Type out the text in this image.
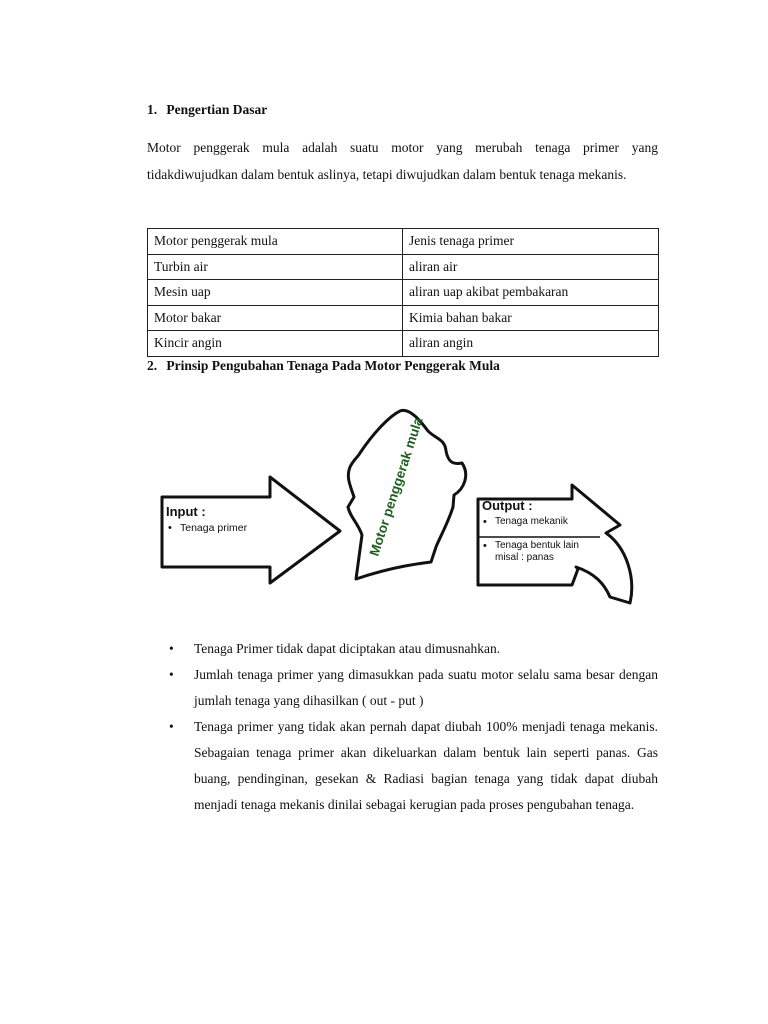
1. Pengertian Dasar

Motor penggerak mula adalah suatu motor yang merubah tenaga primer yang tidakdiwujudkan dalam bentuk aslinya, tetapi diwujudkan dalam bentuk tenaga mekanis.

Motor penggerak mula	Jenis tenaga primer
Turbin air	aliran air
Mesin uap	aliran uap akibat pembakaran
Motor bakar	Kimia bahan bakar
Kincir angin	aliran angin
2. Prinsip Pengubahan Tenaga Pada Motor Penggerak Mula
Input :
• Tenaga primer	Motor penggerak mula	Output :
• Tenaga mekanik
• Tenaga bentuk lain
misal : panas
• Tenaga Primer tidak dapat diciptakan atau dimusnahkan.
• Jumlah tenaga primer yang dimasukkan pada suatu motor selalu sama besar dengan jumlah tenaga yang dihasilkan ( out - put )
• Tenaga primer yang tidak akan pernah dapat diubah 100% menjadi tenaga mekanis. Sebagaian tenaga primer akan dikeluarkan dalam bentuk lain seperti panas. Gas buang, pendinginan, gesekan & Radiasi bagian tenaga yang tidak dapat diubah menjadi tenaga mekanis dinilai sebagai kerugian pada proses pengubahan tenaga.
